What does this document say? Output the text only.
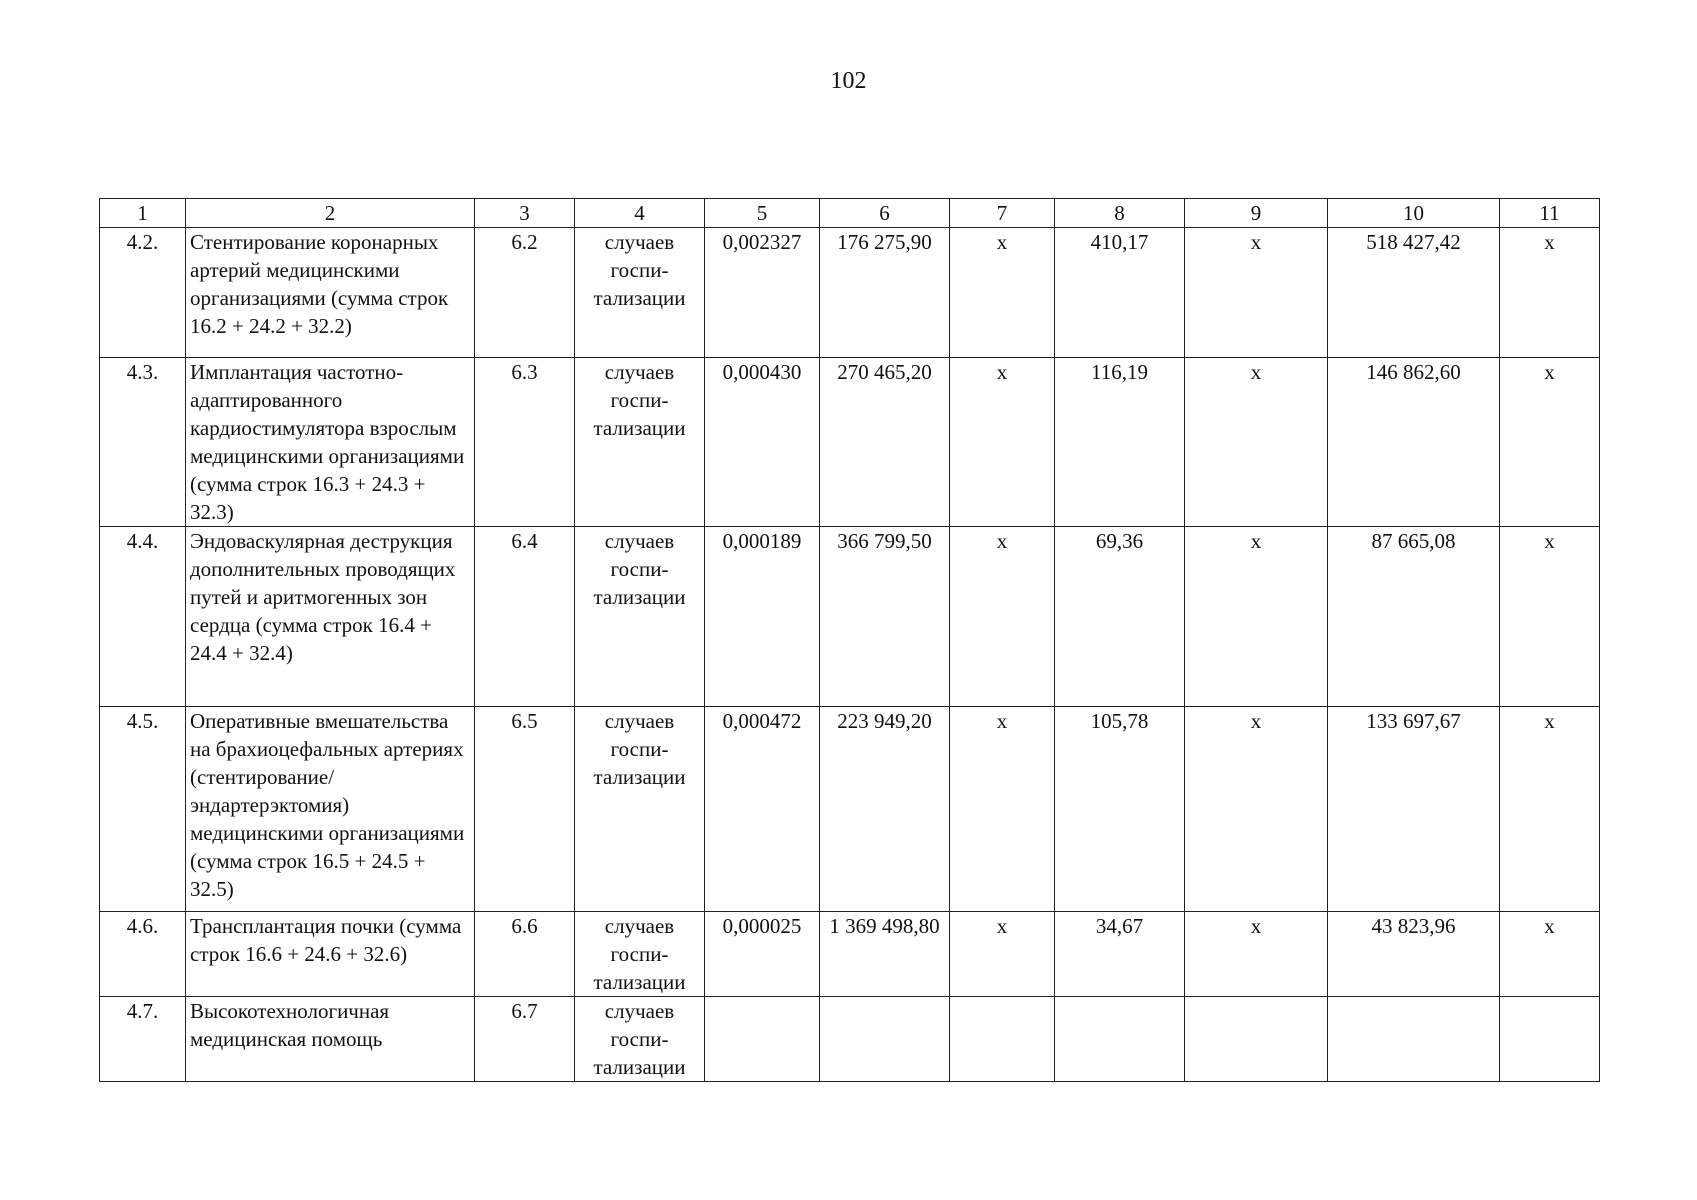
102
1	2	3	4	5	6	7	8	9	10	11
4.2.	Стентирование коронарных артерий медицинскими организациями (сумма строк 16.2 + 24.2 + 32.2)	6.2	случаев
госпи-
тализации	0,002327	176 275,90	x	410,17	x	518 427,42	x
4.3.	Имплантация частотно-адаптированного кардиостимулятора взрослым медицинскими организациями (сумма строк 16.3 + 24.3 + 32.3)	6.3	случаев
госпи-
тализации	0,000430	270 465,20	x	116,19	x	146 862,60	x
4.4.	Эндоваскулярная деструкция дополнительных проводящих путей и аритмогенных зон сердца (сумма строк 16.4 + 24.4 + 32.4)	6.4	случаев
госпи-
тализации	0,000189	366 799,50	x	69,36	x	87 665,08	x
4.5.	Оперативные вмешательства на брахиоцефальных артериях (стентирование/ эндартерэктомия) медицинскими организациями (сумма строк 16.5 + 24.5 + 32.5)	6.5	случаев
госпи-
тализации	0,000472	223 949,20	x	105,78	x	133 697,67	x
4.6.	Трансплантация почки (сумма строк 16.6 + 24.6 + 32.6)	6.6	случаев
госпи-
тализации	0,000025	1 369 498,80	x	34,67	x	43 823,96	x
4.7.	Высокотехнологичная медицинская помощь	6.7	случаев
госпи-
тализации							
